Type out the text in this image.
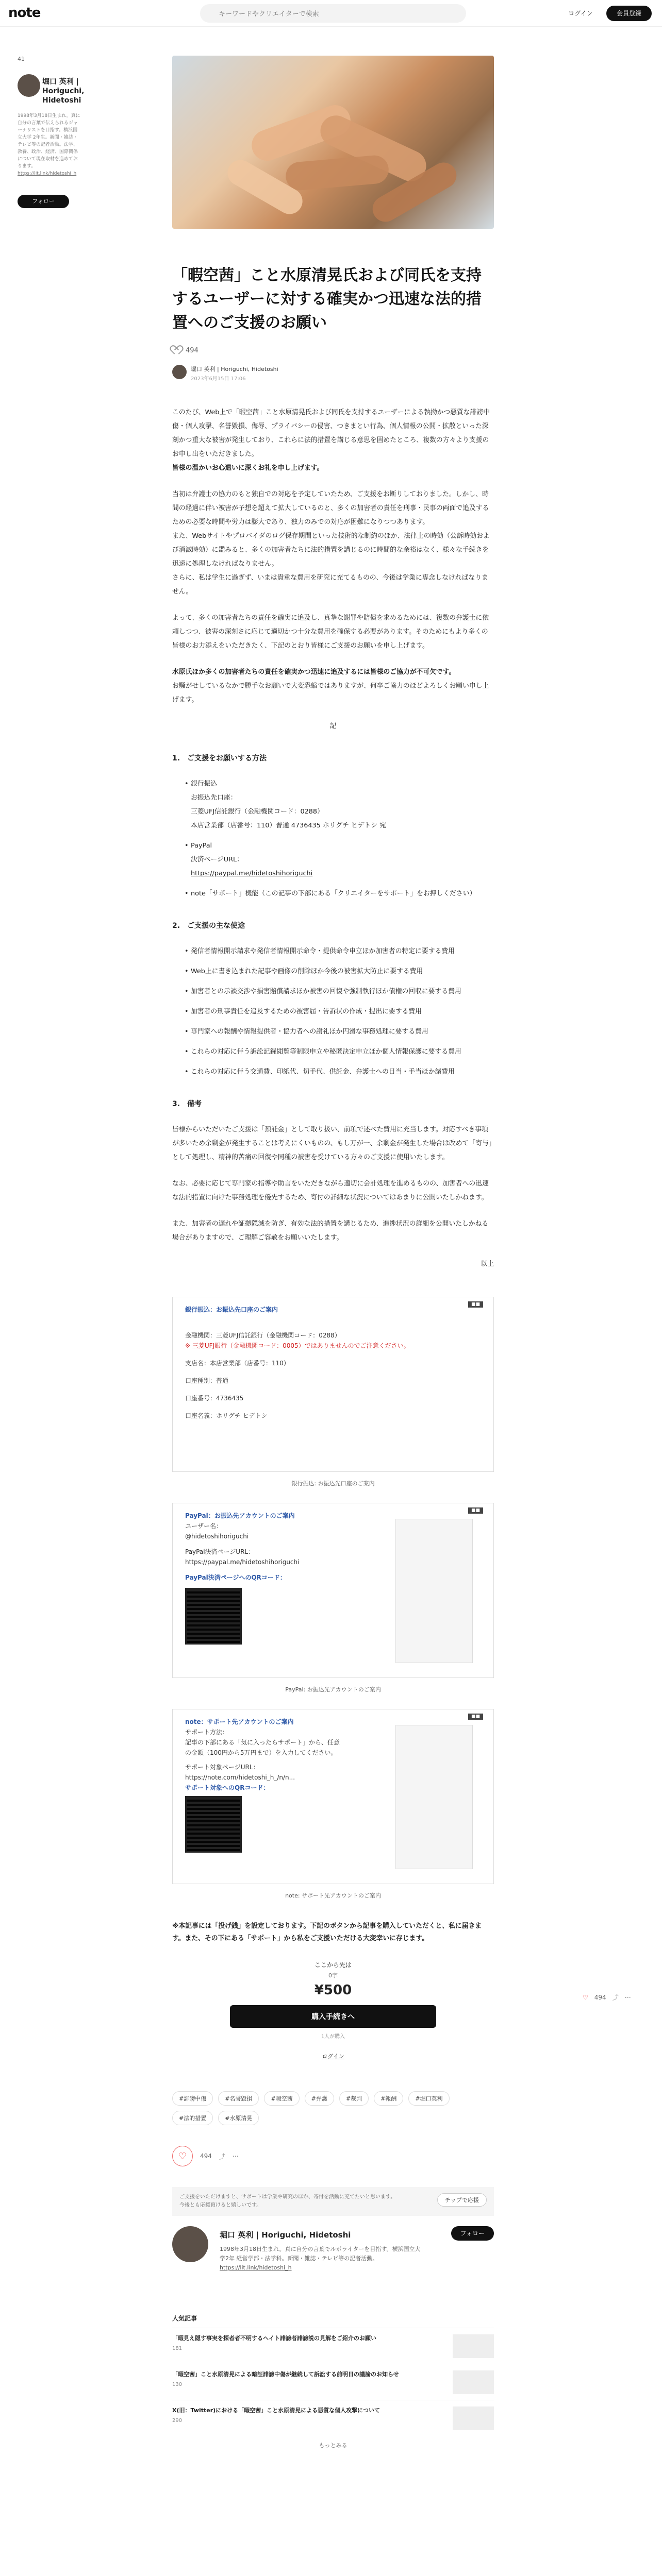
note
キーワードやクリエイターで検索	ログイン	会員登録
41
堀口 英利 | Horiguchi, Hidetoshi
1998年3月18日生まれ。真に自分の言葉で伝えられるジャーナリストを目指す。横浜国立大学 2年生。新聞・雑誌・テレビ等の記者活動。法学、教養、政治、経済、国際関係について現在取材を進めております。
https://lit.link/hidetoshi_h
フォロー
「暇空茜」こと水原清晃氏および同氏を支持するユーザーに対する確実かつ迅速な法的措置へのご支援のお願い
494
堀口 英利 | Horiguchi, Hidetoshi
2023年6月15日 17:06

このたび、Web上で「暇空茜」こと水原清晃氏および同氏を支持するユーザーによる執拗かつ悪質な誹謗中傷・個人攻撃、名誉毀損、侮辱、プライバシーの侵害、つきまとい行為、個人情報の公開・拡散といった深刻かつ重大な被害が発生しており、これらに法的措置を講じる意思を固めたところ、複数の方々より支援のお申し出をいただきました。
皆様の温かいお心遣いに深くお礼を申し上げます。

当初は弁護士の協力のもと独自での対応を予定していたため、ご支援をお断りしておりました。しかし、時間の経過に伴い被害が予想を超えて拡大しているのと、多くの加害者の責任を刑事・民事の両面で追及するための必要な時間や労力は膨大であり、独力のみでの対応が困難になりつつあります。
また、Webサイトやプロバイダのログ保存期間といった技術的な制約のほか、法律上の時効（公訴時効および消滅時効）に鑑みると、多くの加害者たちに法的措置を講じるのに時間的な余裕はなく、様々な手続きを迅速に処理しなければなりません。
さらに、私は学生に過ぎず、いまは貴重な費用を研究に充てるものの、今後は学業に専念しなければなりません。

よって、多くの加害者たちの責任を確実に追及し、真摯な謝罪や賠償を求めるためには、複数の弁護士に依頼しつつ、被害の深刻さに応じて適切かつ十分な費用を確保する必要があります。そのためにもより多くの皆様のお力添えをいただきたく、下記のとおり皆様にご支援のお願いを申し上げます。

水原氏ほか多くの加害者たちの責任を確実かつ迅速に追及するには皆様のご協力が不可欠です。
お騒がせしているなかで勝手なお願いで大変恐縮ではありますが、何卒ご協力のほどよろしくお願い申し上げます。

記
1.　ご支援をお願いする方法
• 銀行振込
お振込先口座：
三菱UFJ信託銀行（金融機関コード：0288）
本店営業部（店番号：110）普通 4736435 ホリグチ ヒデトシ 宛
• PayPal
決済ページURL：
https://paypal.me/hidetoshihoriguchi
• note「サポート」機能（この記事の下部にある「クリエイターをサポート」をお押しください）
2.　ご支援の主な使途
• 発信者情報開示請求や発信者情報開示命令・提供命令申立ほか加害者の特定に要する費用
• Web上に書き込まれた記事や画像の削除ほか今後の被害拡大防止に要する費用
• 加害者との示談交渉や損害賠償請求ほか被害の回復や強制執行ほか債権の回収に要する費用
• 加害者の刑事責任を追及するための被害届・告訴状の作成・提出に要する費用
• 専門家への報酬や情報提供者・協力者への謝礼ほか円滑な事務処理に要する費用
• これらの対応に伴う訴訟記録閲覧等制限申立や秘匿決定申立ほか個人情報保護に要する費用
• これらの対応に伴う交通費、印紙代、切手代、供託金、弁護士への日当・手当ほか諸費用
3.　備考

皆様からいただいたご支援は「預託金」として取り扱い、前項で述べた費用に充当します。対応すべき事項が多いため余剰金が発生することは考えにくいものの、もし万が一、余剰金が発生した場合は改めて「寄与」として処理し、精神的苦痛の回復や同種の被害を受けている方々のご支援に使用いたします。

なお、必要に応じて専門家の指導や助言をいただきながら適切に会計処理を進めるものの、加害者への迅速な法的措置に向けた事務処理を優先するため、寄付の詳細な状況についてはあまりに公開いたしかねます。

また、加害者の遅れや証拠隠滅を防ぎ、有効な法的措置を講じるため、進捗状況の詳細を公開いたしかねる場合がありますので、ご理解ご容赦をお願いいたします。

以上
■■
銀行振込：お振込先口座のご案内
金融機関：三菱UFJ信託銀行（金融機関コード：0288）
※ 三菱UFJ銀行（金融機関コード：0005）ではありませんのでご注意ください。
支店名：本店営業部（店番号：110）
口座種別：普通
口座番号：4736435
口座名義：ホリグチ ヒデトシ
銀行振込: お振込先口座のご案内
■■
PayPal：お振込先アカウントのご案内
ユーザー名：
@hidetoshihoriguchi
PayPal決済ページURL：
https://paypal.me/hidetoshihoriguchi
PayPal決済ページへのQRコード：
PayPal: お振込先アカウントのご案内
■■
note：サポート先アカウントのご案内
サポート方法：
記事の下部にある「気に入ったらサポート」から、任意の金額（100円から5万円まで）を入力してください。
サポート対象ページURL：
https://note.com/hidetoshi_h_/n/n...
サポート対象へのQRコード：
note: サポート先アカウントのご案内
※本記事には「投げ銭」を設定しております。下記のボタンから記事を購入していただくと、私に届きます。また、その下にある「サポート」から私をご支援いただける大変幸いに存じます。
ここから先は
0字
¥500
購入手続きへ
1人が購入
ログイン
#誹謗中傷	#名誉毀損	#暇空茜	#弁護	#裁判	#報酬	#堀口英利
#法的措置	#水原清晃
♡	494 ⤴ ⋯
ご支援をいただけますと、サポートは学業や研究のほか、寄付を活動に充てたいと思います。今後とも応援頂けると嬉しいです。
チップで応援
堀口 英利 | Horiguchi, Hidetoshi	フォロー
1998年3月18日生まれ。真に自分の言葉でルポライターを目指す。横浜国立大学2年 経営学部・法学科。新聞・雑誌・テレビ等の記者活動。
https://lit.link/hidetoshi_h
人気記事
「暇見え隠す事実を探者者不明するヘイト誹謗者誹謗説の見解をご紹介のお願い
181
「暇空茜」こと水原清晃による暗証誹謗中傷が継続して訴訟する前明日の議論のお知らせ
130
X(旧：Twitter)における「暇空茜」こと水原清晃による悪質な個人攻撃について
290
もっとみる
♡ 494 ⤴ ⋯
